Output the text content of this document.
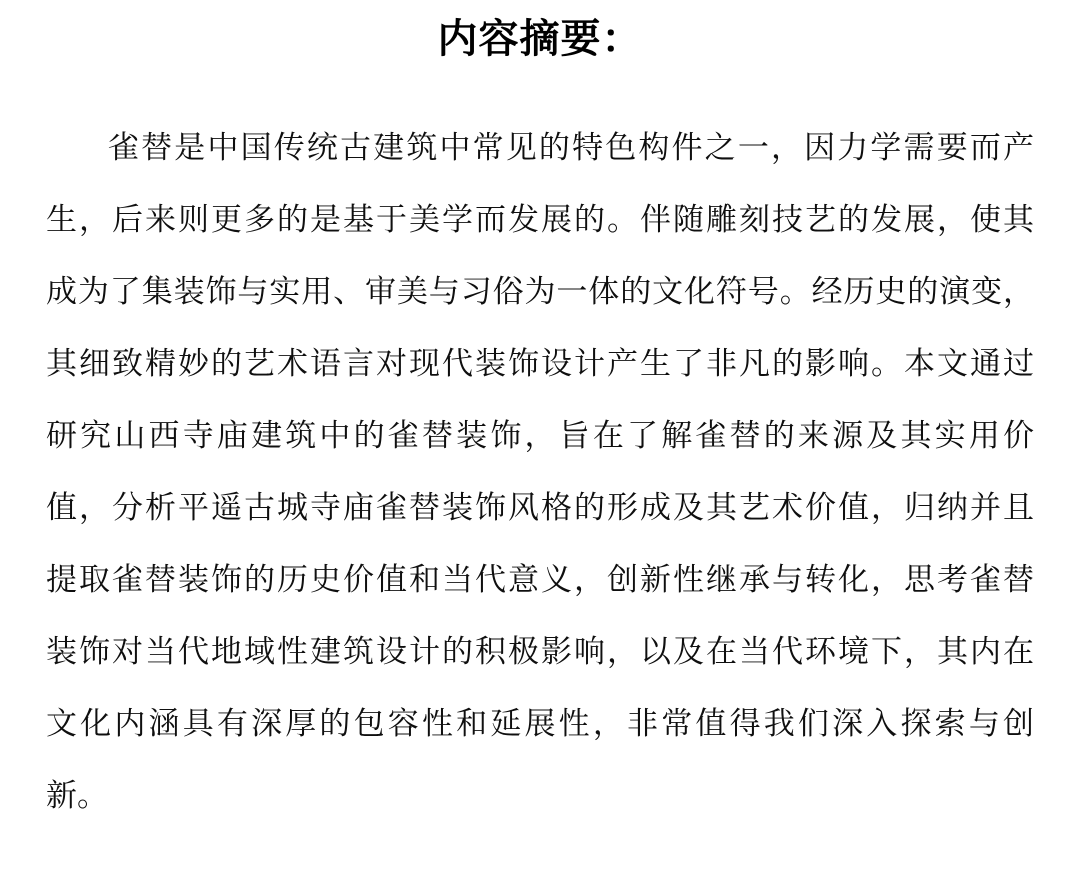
内容摘要：
雀替是中国传统古建筑中常见的特色构件之一，因力学需要而产
生，后来则更多的是基于美学而发展的。伴随雕刻技艺的发展，使其
成为了集装饰与实用、审美与习俗为一体的文化符号。经历史的演变，
其细致精妙的艺术语言对现代装饰设计产生了非凡的影响。本文通过
研究山西寺庙建筑中的雀替装饰，旨在了解雀替的来源及其实用价
值，分析平遥古城寺庙雀替装饰风格的形成及其艺术价值，归纳并且
提取雀替装饰的历史价值和当代意义，创新性继承与转化，思考雀替
装饰对当代地域性建筑设计的积极影响，以及在当代环境下，其内在
文化内涵具有深厚的包容性和延展性，非常值得我们深入探索与创
新。
